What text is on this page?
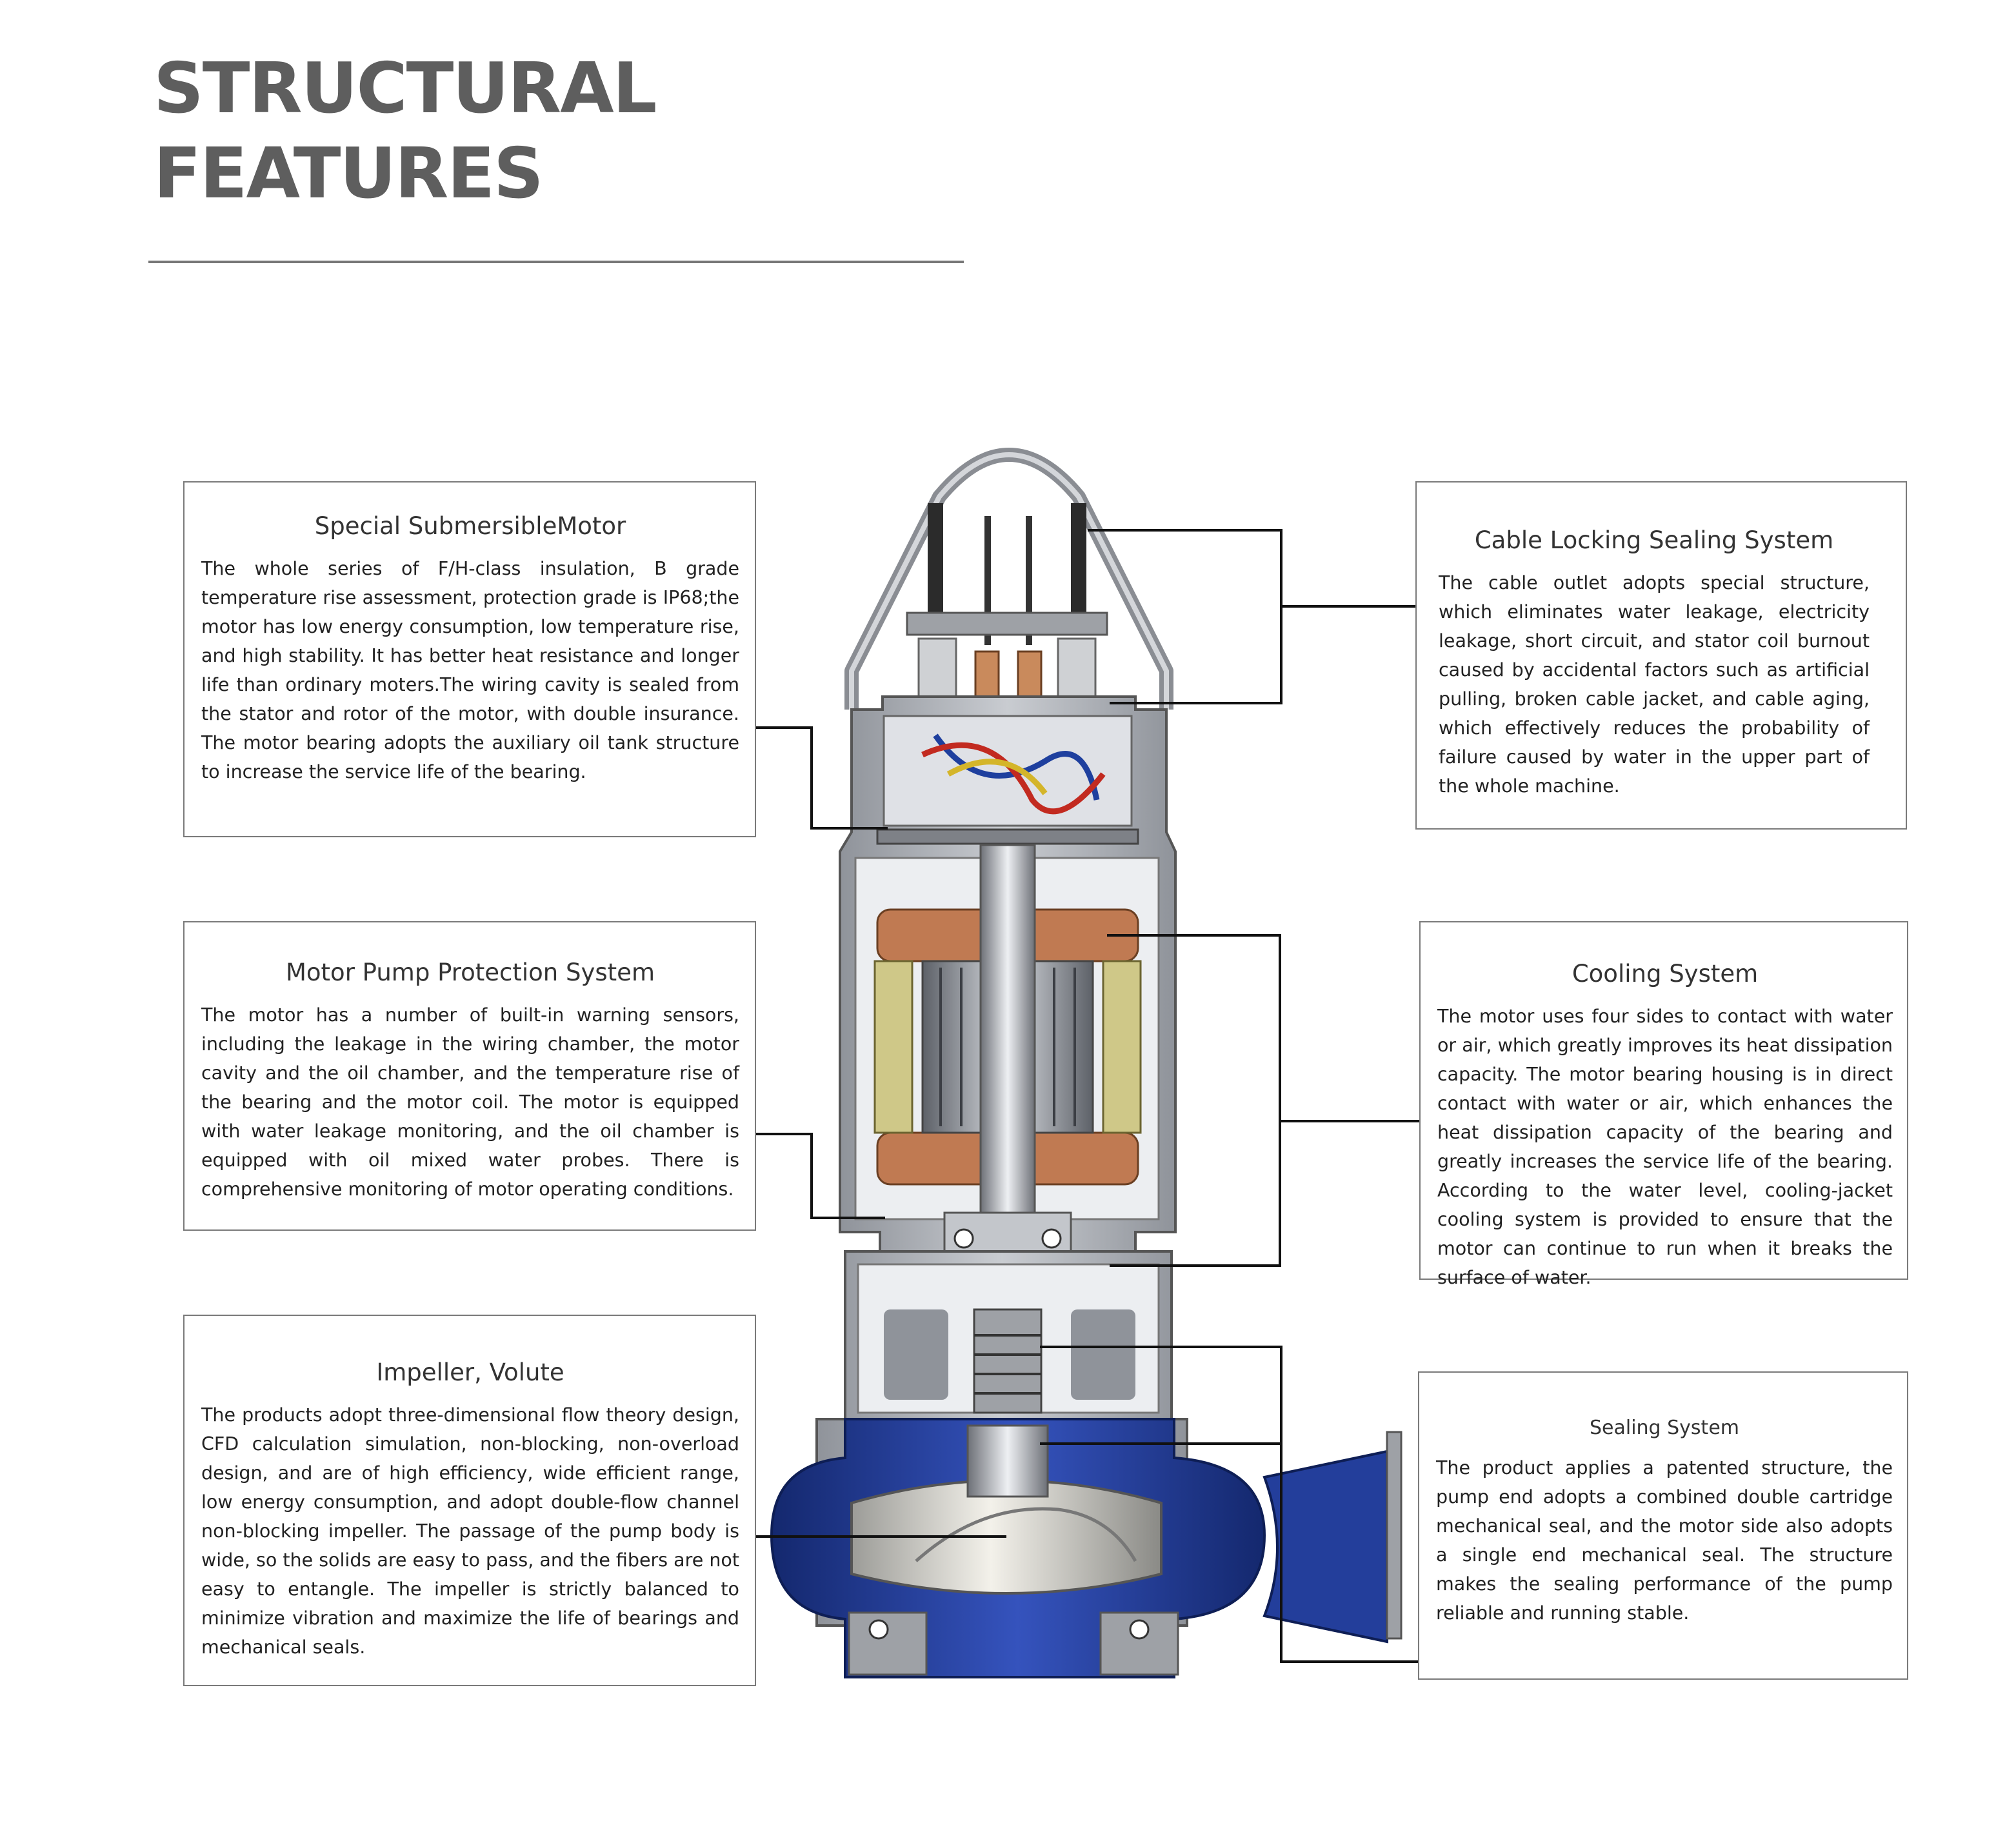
STRUCTURAL
FEATURES
Special SubmersibleMotor

The whole series of F/H-class insulation, B grade temperature rise assessment, protection grade is IP68;the motor has low energy consumption, low temperature rise, and high stability. It has better heat resistance and longer life than ordinary moters.The wiring cavity is sealed from the stator and rotor of the motor, with double insurance. The motor bearing adopts the auxiliary oil tank structure to increase the service life of the bearing.

Motor Pump Protection System

The motor has a number of built-in warning sensors, including the leakage in the wiring chamber, the motor cavity and the oil chamber, and the temperature rise of the bearing and the motor coil. The motor is equipped with water leakage monitoring, and the oil chamber is equipped with oil mixed water probes. There is comprehensive monitoring of motor operating conditions.

Impeller, Volute

The products adopt three-dimensional flow theory design, CFD calculation simulation, non-blocking, non-overload design, and are of high efficiency, wide efficient range, low energy consumption, and adopt double-flow channel non-blocking impeller. The passage of the pump body is wide, so the solids are easy to pass, and the fibers are not easy to entangle. The impeller is strictly balanced to minimize vibration and maximize the life of bearings and mechanical seals.

Cable Locking Sealing System

The cable outlet adopts special structure, which eliminates water leakage, electricity leakage, short circuit, and stator coil burnout caused by accidental factors such as artificial pulling, broken cable jacket, and cable aging, which effectively reduces the probability of failure caused by water in the upper part of the whole machine.

Cooling System

The motor uses four sides to contact with water or air, which greatly improves its heat dissipation capacity. The motor bearing housing is in direct contact with water or air, which enhances the heat dissipation capacity of the bearing and greatly increases the service life of the bearing. According to the water level, cooling-jacket cooling system is provided to ensure that the motor can continue to run when it breaks the surface of water.

Sealing System

The product applies a patented structure, the pump end adopts a combined double cartridge mechanical seal, and the motor side also adopts a single end mechanical seal. The structure makes the sealing performance of the pump reliable and running stable.
